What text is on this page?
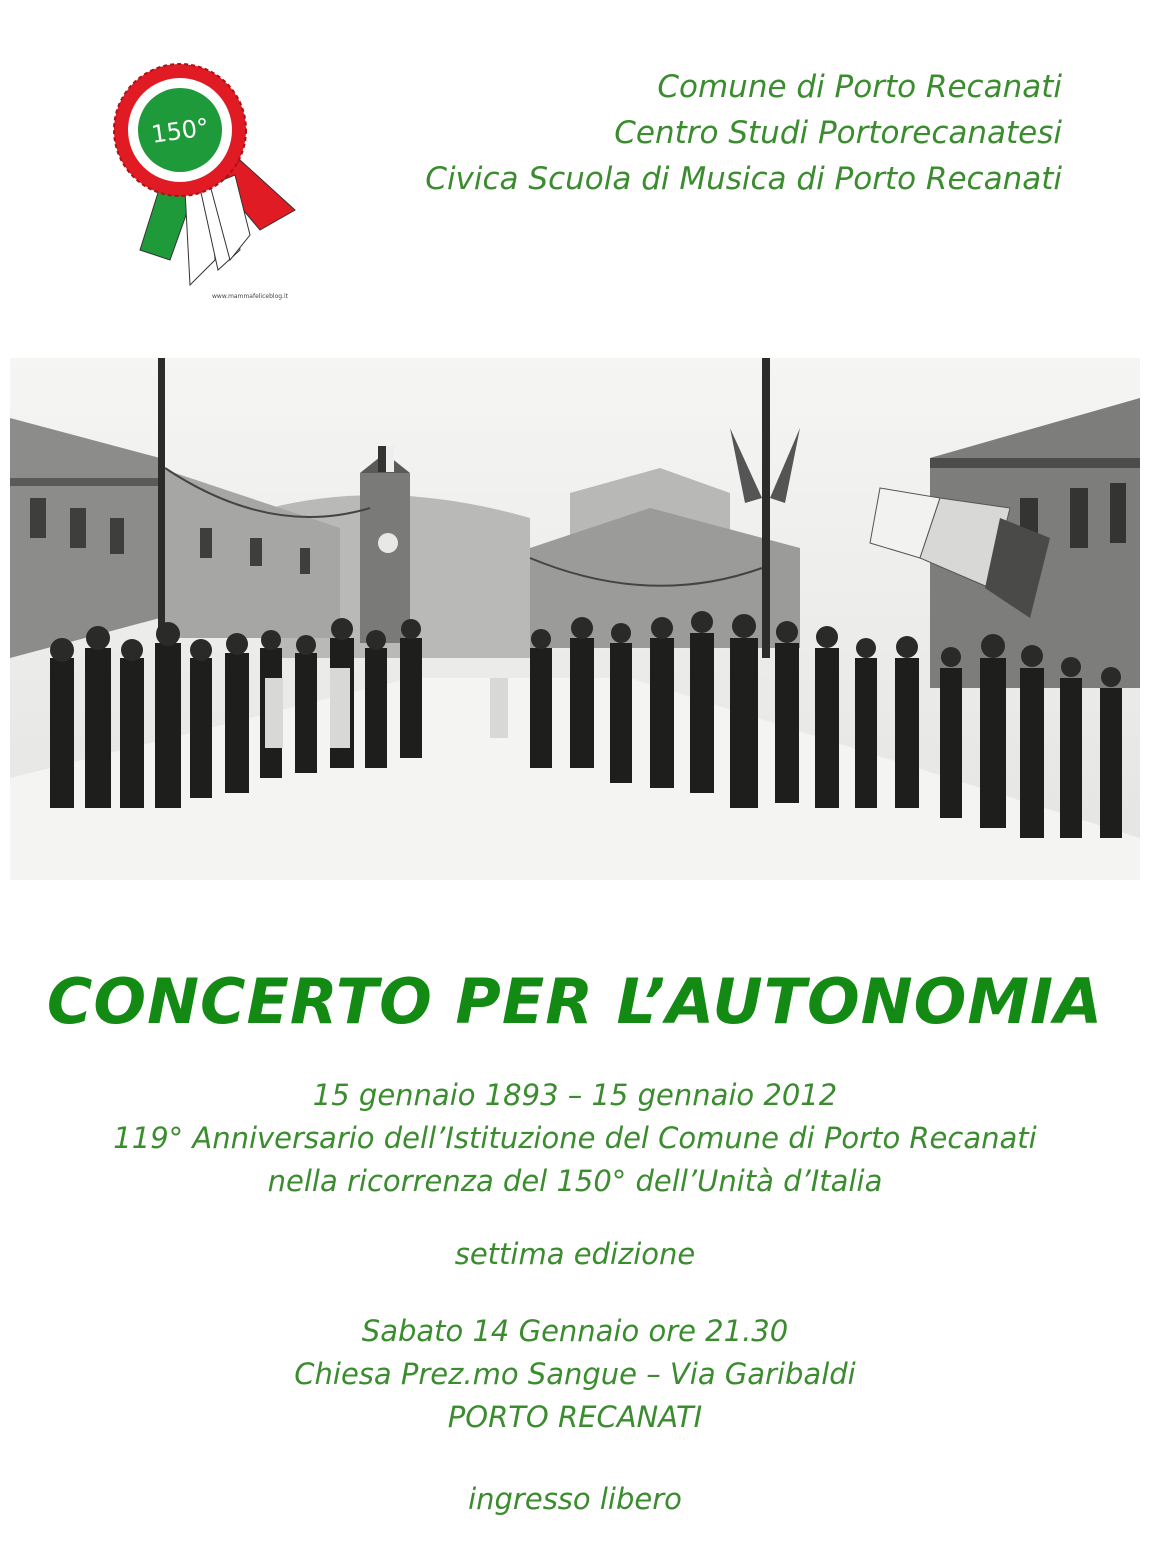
150°
www.mammafeliceblog.it
Comune di Porto Recanati
Centro Studi Portorecanatesi
Civica Scuola di Musica di Porto Recanati
CONCERTO PER L’AUTONOMIA
15 gennaio 1893 – 15 gennaio 2012
119° Anniversario dell’Istituzione del Comune di Porto Recanati
nella ricorrenza del 150° dell’Unità d’Italia
settima edizione
Sabato 14 Gennaio ore 21.30
Chiesa Prez.mo Sangue – Via Garibaldi
PORTO RECANATI
ingresso libero
